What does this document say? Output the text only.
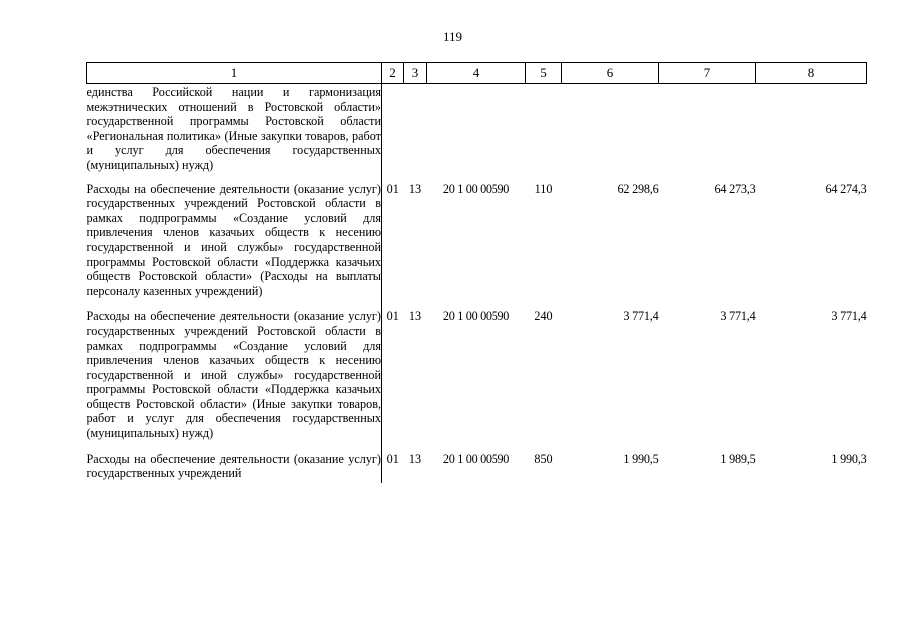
119
1	2	3	4	5	6	7	8
единства Российской нации и гармонизация межэтнических отношений в Ростовской области» государственной программы Ростовской области «Региональная политика» (Иные закупки товаров, работ и услуг для обеспечения государственных (муниципальных) нужд)							
Расходы на обеспечение деятельности (оказание услуг) государственных учреждений Ростовской области в рамках подпрограммы «Создание условий для привлечения членов казачьих обществ к несению государственной и иной службы» государственной программы Ростовской области «Поддержка казачьих обществ Ростовской области» (Расходы на выплаты персоналу казенных учреждений)	01	13	20 1 00 00590	110	62 298,6	64 273,3	64 274,3
Расходы на обеспечение деятельности (оказание услуг) государственных учреждений Ростовской области в рамках подпрограммы «Создание условий для привлечения членов казачьих обществ к несению государственной и иной службы» государственной программы Ростовской области «Поддержка казачьих обществ Ростовской области» (Иные закупки товаров, работ и услуг для обеспечения государственных (муниципальных) нужд)	01	13	20 1 00 00590	240	3 771,4	3 771,4	3 771,4
Расходы на обеспечение деятельности (оказание услуг) государственных учреждений	01	13	20 1 00 00590	850	1 990,5	1 989,5	1 990,3
